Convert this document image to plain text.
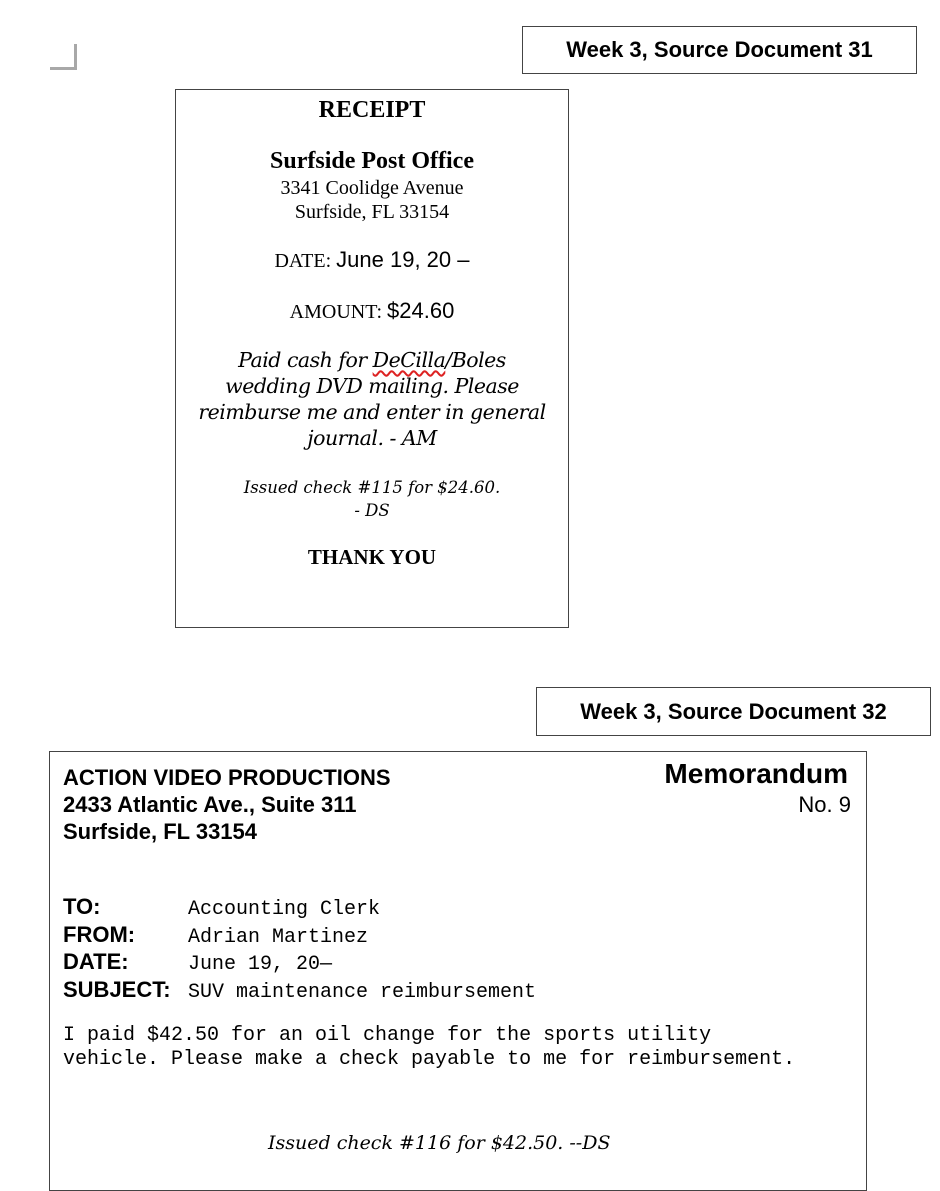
Week 3, Source Document 31
RECEIPT
Surfside Post Office
3341 Coolidge Avenue
Surfside, FL 33154
DATE: June 19, 20 –
AMOUNT: $24.60
Paid cash for DeCilla/Boles wedding DVD mailing. Please reimburse me and enter in general journal. - AM
Issued check #115 for $24.60.
- DS
THANK YOU
Week 3, Source Document 32
ACTION VIDEO PRODUCTIONS
2433 Atlantic Ave., Suite 311
Surfside, FL 33154
Memorandum
No. 9
TO:	Accounting Clerk
FROM:	Adrian Martinez
DATE:	June 19, 20—
SUBJECT: SUV maintenance reimbursement
I paid $42.50 for an oil change for the sports utility
vehicle. Please make a check payable to me for reimbursement.
Issued check #116 for $42.50. --DS
